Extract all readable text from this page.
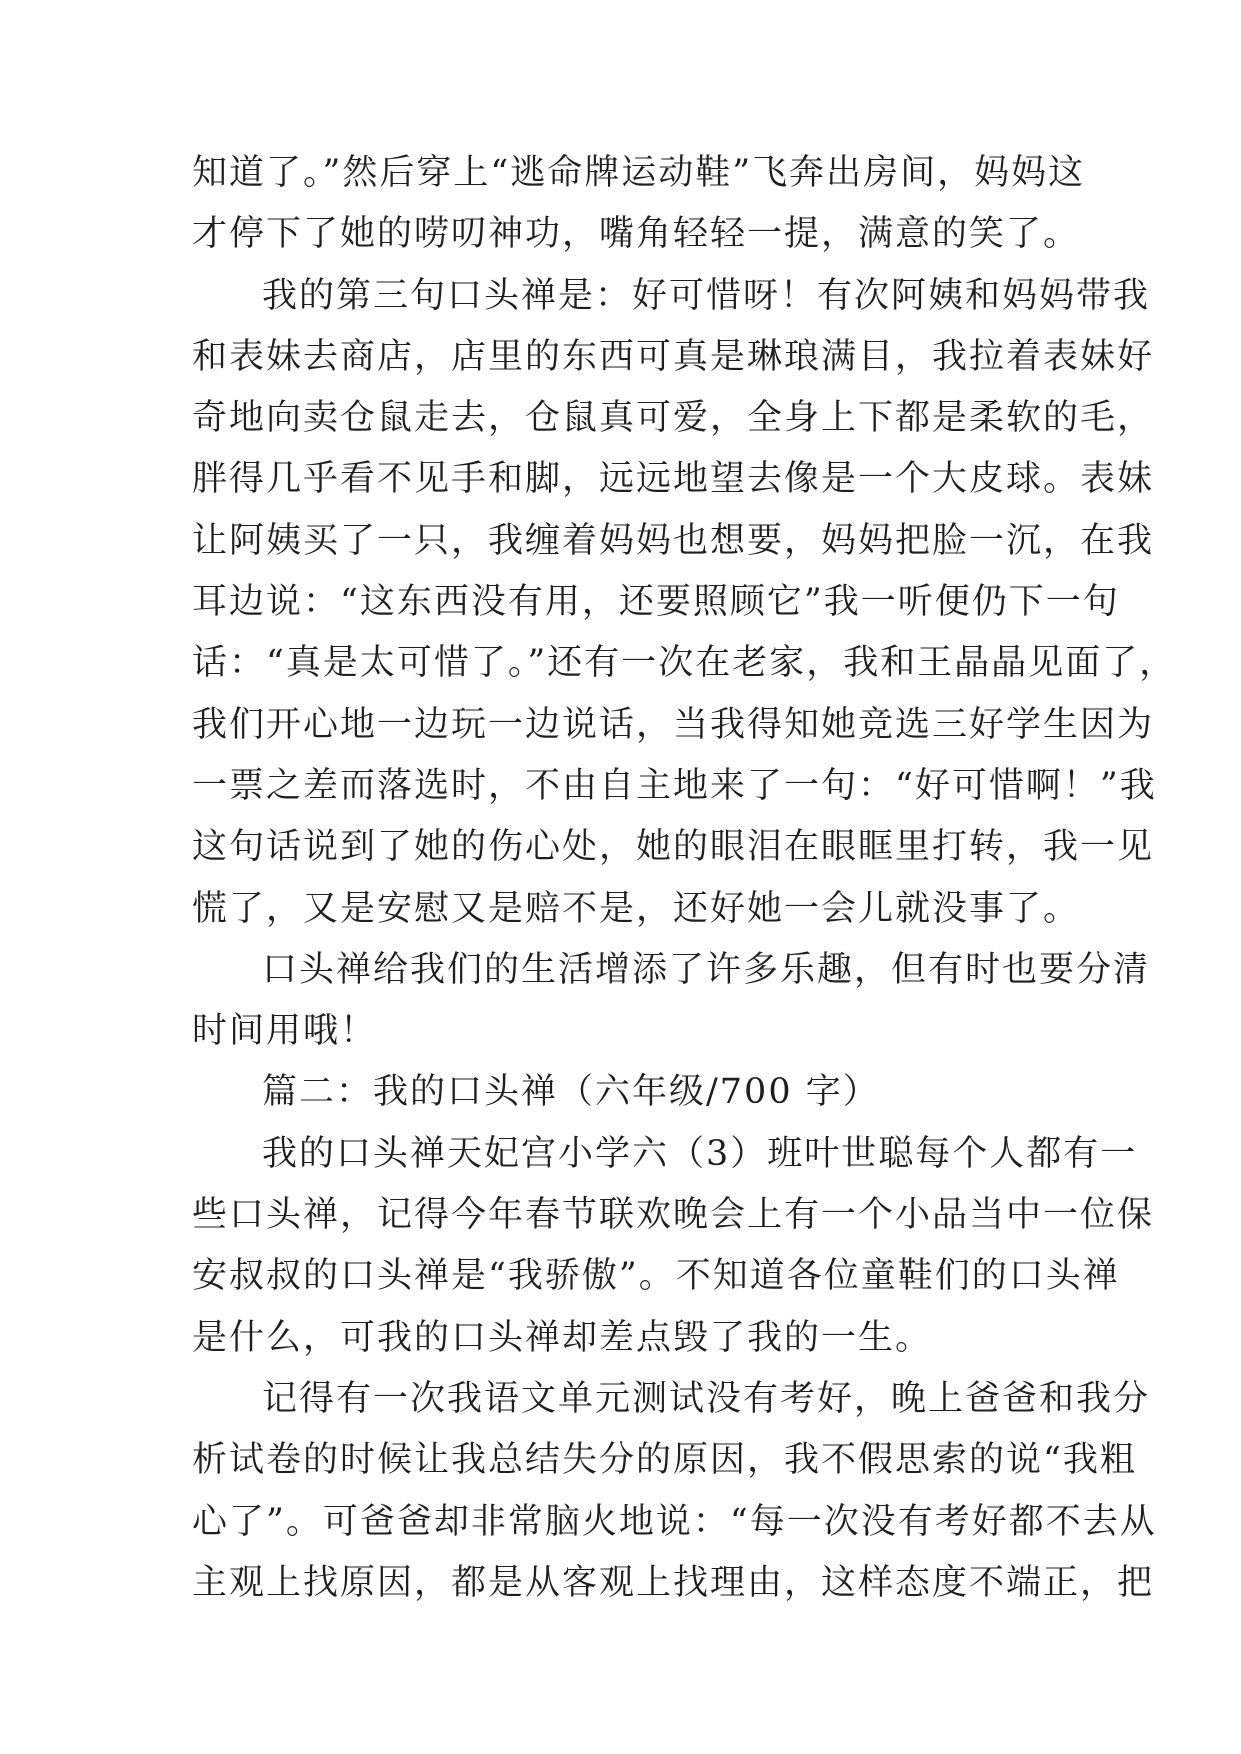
知道了。”然后穿上“逃命牌运动鞋”飞奔出房间，妈妈这
才停下了她的唠叨神功，嘴角轻轻一提，满意的笑了。

我的第三句口头禅是：好可惜呀！有次阿姨和妈妈带我
和表妹去商店，店里的东西可真是琳琅满目，我拉着表妹好
奇地向卖仓鼠走去，仓鼠真可爱，全身上下都是柔软的毛，
胖得几乎看不见手和脚，远远地望去像是一个大皮球。表妹
让阿姨买了一只，我缠着妈妈也想要，妈妈把脸一沉，在我
耳边说：“这东西没有用，还要照顾它”我一听便仍下一句
话：“真是太可惜了。”还有一次在老家，我和王晶晶见面了，
我们开心地一边玩一边说话，当我得知她竞选三好学生因为
一票之差而落选时，不由自主地来了一句：“好可惜啊！”我
这句话说到了她的伤心处，她的眼泪在眼眶里打转，我一见
慌了，又是安慰又是赔不是，还好她一会儿就没事了。

口头禅给我们的生活增添了许多乐趣，但有时也要分清
时间用哦！

篇二：我的口头禅（六年级/700 字）

我的口头禅天妃宫小学六（3）班叶世聪每个人都有一
些口头禅，记得今年春节联欢晚会上有一个小品当中一位保
安叔叔的口头禅是“我骄傲”。不知道各位童鞋们的口头禅
是什么，可我的口头禅却差点毁了我的一生。

记得有一次我语文单元测试没有考好，晚上爸爸和我分
析试卷的时候让我总结失分的原因，我不假思索的说“我粗
心了”。可爸爸却非常脑火地说：“每一次没有考好都不去从
主观上找原因，都是从客观上找理由，这样态度不端正，把
